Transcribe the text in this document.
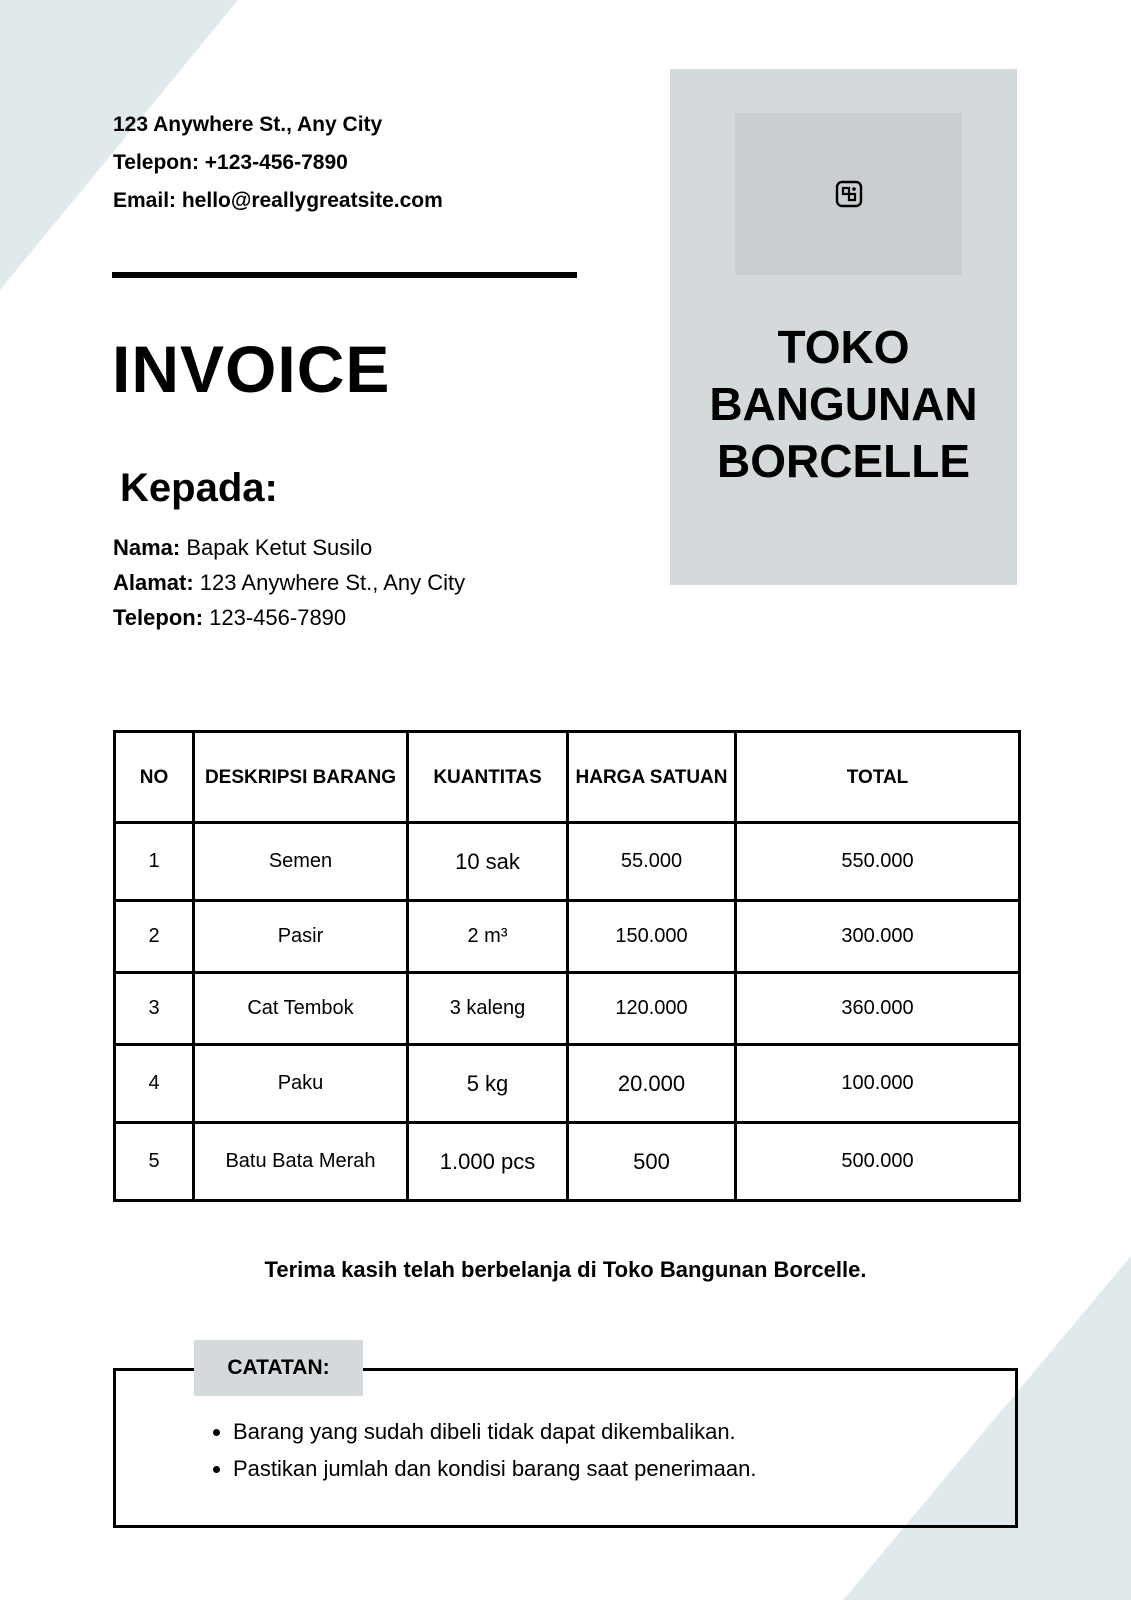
123 Anywhere St., Any City
Telepon: +123-456-7890
Email: hello@reallygreatsite.com
INVOICE
Kepada:
Nama: Bapak Ketut Susilo
Alamat: 123 Anywhere St., Any City
Telepon: 123-456-7890
TOKO
BANGUNAN
BORCELLE
NO	DESKRIPSI BARANG	KUANTITAS	HARGA SATUAN	TOTAL
1	Semen	10 sak	55.000	550.000
2	Pasir	2 m³	150.000	300.000
3	Cat Tembok	3 kaleng	120.000	360.000
4	Paku	5 kg	20.000	100.000
5	Batu Bata Merah	1.000 pcs	500	500.000
Terima kasih telah berbelanja di Toko Bangunan Borcelle.
CATATAN:
• Barang yang sudah dibeli tidak dapat dikembalikan.
• Pastikan jumlah dan kondisi barang saat penerimaan.
